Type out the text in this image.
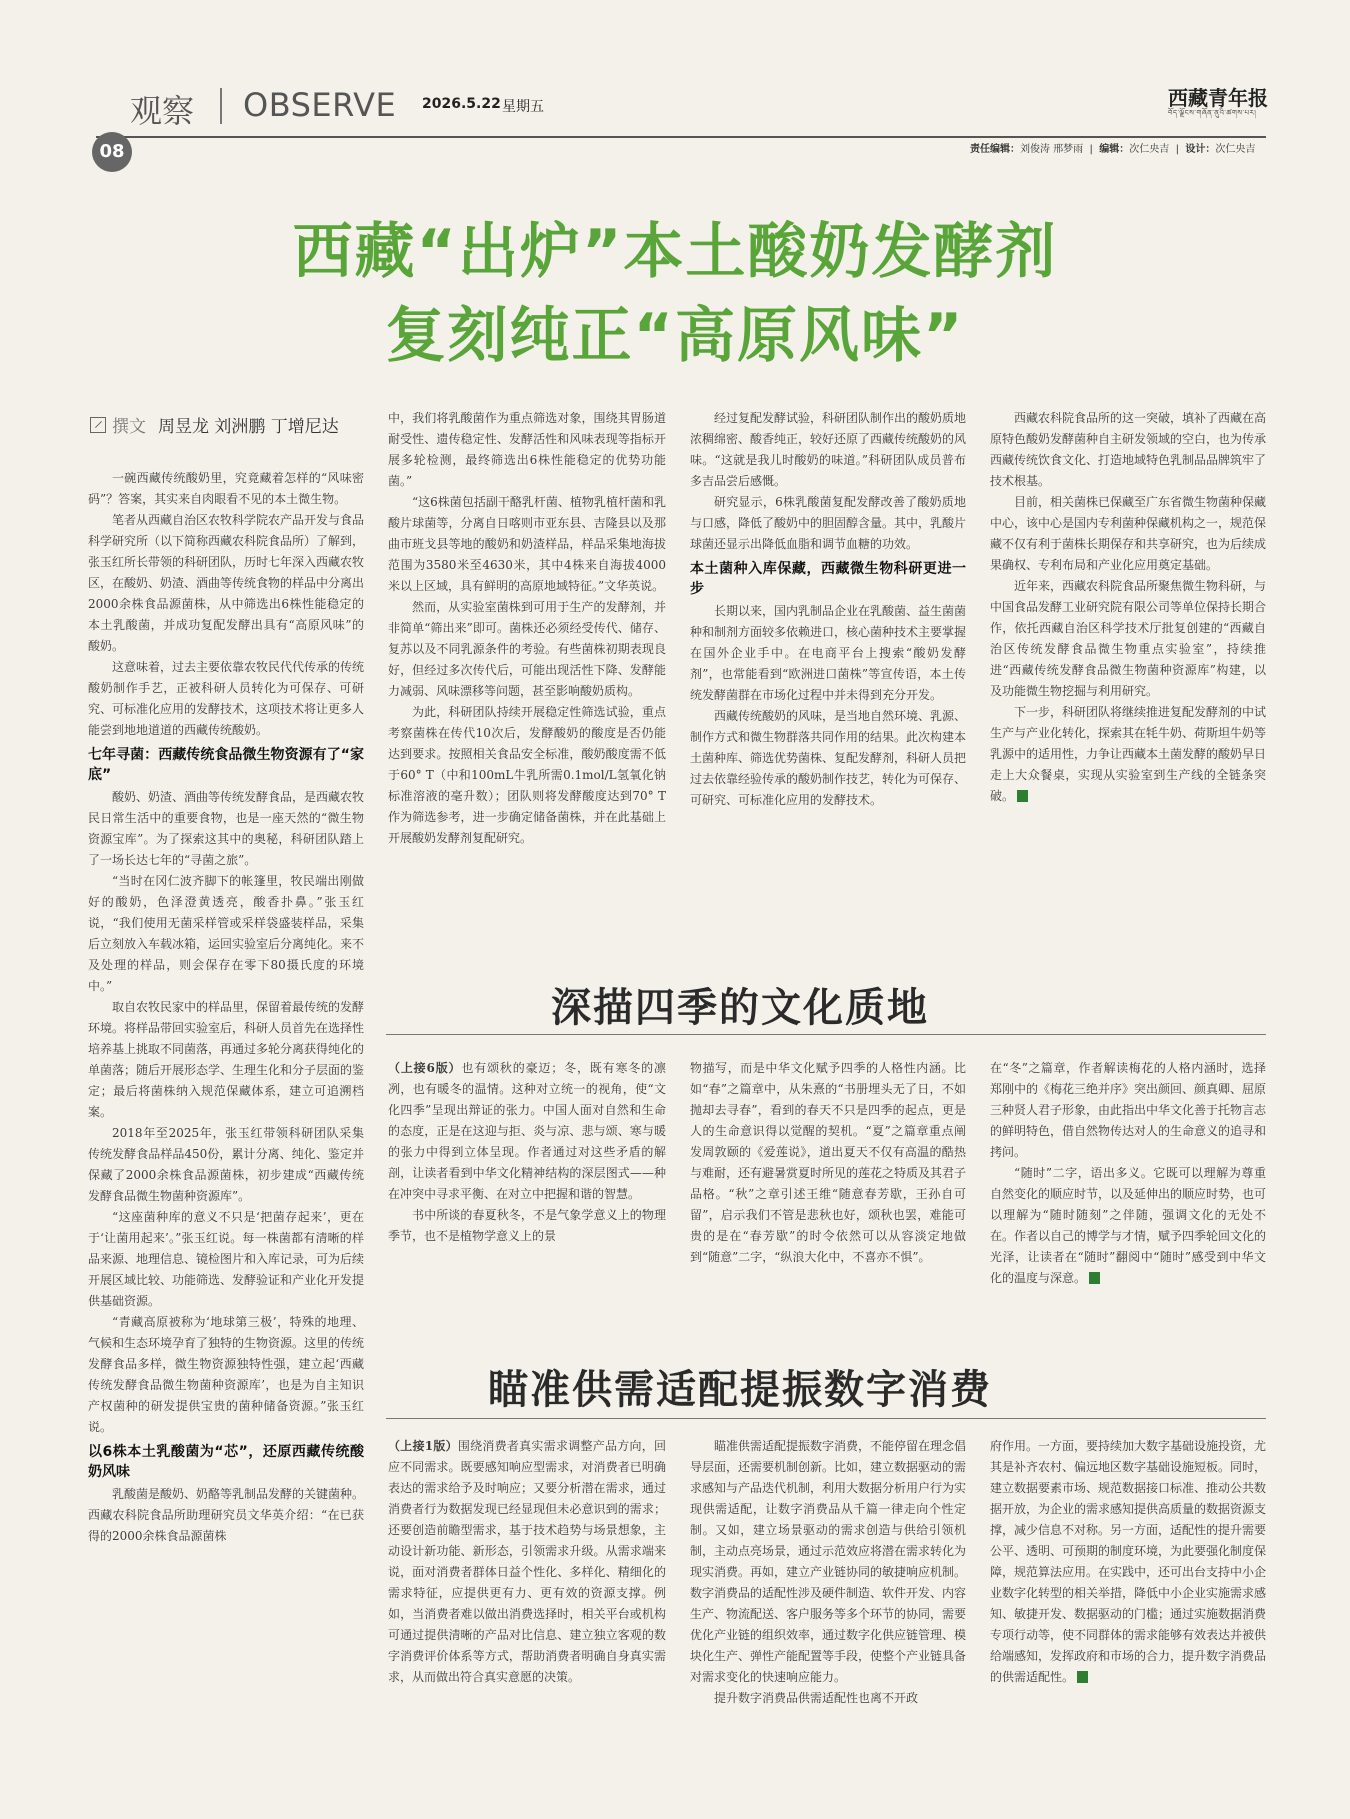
观察 OBSERVE 2026.5.22 星期五	西藏青年报
བོད་ལྗོངས་གཞོན་ནུའི་ཚགས་པར།
08	责任编辑：刘俊涛 邢梦雨  |  编辑：次仁央吉  |  设计：次仁央吉
西藏“出炉”本土酸奶发酵剂
复刻纯正“高原风味”
撰文 周昱龙 刘洲鹏 丁增尼达

一碗西藏传统酸奶里，究竟藏着怎样的“风味密码”？答案，其实来自肉眼看不见的本土微生物。

笔者从西藏自治区农牧科学院农产品开发与食品科学研究所（以下简称西藏农科院食品所）了解到，张玉红所长带领的科研团队，历时七年深入西藏农牧区，在酸奶、奶渣、酒曲等传统食物的样品中分离出2000余株食品源菌株，从中筛选出6株性能稳定的本土乳酸菌，并成功复配发酵出具有“高原风味”的酸奶。

这意味着，过去主要依靠农牧民代代传承的传统酸奶制作手艺，正被科研人员转化为可保存、可研究、可标准化应用的发酵技术，这项技术将让更多人能尝到地地道道的西藏传统酸奶。

七年寻菌：西藏传统食品微生物资源有了“家底”

酸奶、奶渣、酒曲等传统发酵食品，是西藏农牧民日常生活中的重要食物，也是一座天然的“微生物资源宝库”。为了探索这其中的奥秘，科研团队踏上了一场长达七年的“寻菌之旅”。

“当时在冈仁波齐脚下的帐篷里，牧民端出刚做好的酸奶，色泽澄黄透亮，酸香扑鼻。”张玉红说，“我们使用无菌采样管或采样袋盛装样品，采集后立刻放入车载冰箱，运回实验室后分离纯化。来不及处理的样品，则会保存在零下80摄氏度的环境中。”

取自农牧民家中的样品里，保留着最传统的发酵环境。将样品带回实验室后，科研人员首先在选择性培养基上挑取不同菌落，再通过多轮分离获得纯化的单菌落；随后开展形态学、生理生化和分子层面的鉴定；最后将菌株纳入规范保藏体系，建立可追溯档案。

2018年至2025年，张玉红带领科研团队采集传统发酵食品样品450份，累计分离、纯化、鉴定并保藏了2000余株食品源菌株，初步建成“西藏传统发酵食品微生物菌种资源库”。

“这座菌种库的意义不只是‘把菌存起来’，更在于‘让菌用起来’。”张玉红说。每一株菌都有清晰的样品来源、地理信息、镜检图片和入库记录，可为后续开展区域比较、功能筛选、发酵验证和产业化开发提供基础资源。

“青藏高原被称为‘地球第三极’，特殊的地理、气候和生态环境孕育了独特的生物资源。这里的传统发酵食品多样，微生物资源独特性强，建立起‘西藏传统发酵食品微生物菌种资源库’，也是为自主知识产权菌种的研发提供宝贵的菌种储备资源。”张玉红说。

以6株本土乳酸菌为“芯”，还原西藏传统酸奶风味

乳酸菌是酸奶、奶酪等乳制品发酵的关键菌种。西藏农科院食品所助理研究员文华英介绍：“在已获得的2000余株食品源菌株

中，我们将乳酸菌作为重点筛选对象，围绕其胃肠道耐受性、遗传稳定性、发酵活性和风味表现等指标开展多轮检测，最终筛选出6株性能稳定的优势功能菌。”

“这6株菌包括副干酪乳杆菌、植物乳植杆菌和乳酸片球菌等，分离自日喀则市亚东县、吉隆县以及那曲市班戈县等地的酸奶和奶渣样品，样品采集地海拔范围为3580米至4630米，其中4株来自海拔4000米以上区域，具有鲜明的高原地域特征。”文华英说。

然而，从实验室菌株到可用于生产的发酵剂，并非简单“筛出来”即可。菌株还必须经受传代、储存、复苏以及不同乳源条件的考验。有些菌株初期表现良好，但经过多次传代后，可能出现活性下降、发酵能力减弱、风味漂移等问题，甚至影响酸奶质构。

为此，科研团队持续开展稳定性筛选试验，重点考察菌株在传代10次后，发酵酸奶的酸度是否仍能达到要求。按照相关食品安全标准，酸奶酸度需不低于60° T（中和100mL牛乳所需0.1mol/L氢氧化钠标准溶液的毫升数）；团队则将发酵酸度达到70° T作为筛选参考，进一步确定储备菌株，并在此基础上开展酸奶发酵剂复配研究。

经过复配发酵试验，科研团队制作出的酸奶质地浓稠绵密、酸香纯正，较好还原了西藏传统酸奶的风味。“这就是我儿时酸奶的味道。”科研团队成员普布多吉品尝后感慨。

研究显示，6株乳酸菌复配发酵改善了酸奶质地与口感，降低了酸奶中的胆固醇含量。其中，乳酸片球菌还显示出降低血脂和调节血糖的功效。

本土菌种入库保藏，西藏微生物科研更进一步

长期以来，国内乳制品企业在乳酸菌、益生菌菌种和制剂方面较多依赖进口，核心菌种技术主要掌握在国外企业手中。在电商平台上搜索“酸奶发酵剂”，也常能看到“欧洲进口菌株”等宣传语，本土传统发酵菌群在市场化过程中并未得到充分开发。

西藏传统酸奶的风味，是当地自然环境、乳源、制作方式和微生物群落共同作用的结果。此次构建本土菌种库、筛选优势菌株、复配发酵剂，科研人员把过去依靠经验传承的酸奶制作技艺，转化为可保存、可研究、可标准化应用的发酵技术。

西藏农科院食品所的这一突破，填补了西藏在高原特色酸奶发酵菌种自主研发领域的空白，也为传承西藏传统饮食文化、打造地域特色乳制品品牌筑牢了技术根基。

目前，相关菌株已保藏至广东省微生物菌种保藏中心，该中心是国内专利菌种保藏机构之一，规范保藏不仅有利于菌株长期保存和共享研究，也为后续成果确权、专利布局和产业化应用奠定基础。

近年来，西藏农科院食品所聚焦微生物科研，与中国食品发酵工业研究院有限公司等单位保持长期合作，依托西藏自治区科学技术厅批复创建的“西藏自治区传统发酵食品微生物重点实验室”，持续推进“西藏传统发酵食品微生物菌种资源库”构建，以及功能微生物挖掘与利用研究。

下一步，科研团队将继续推进复配发酵剂的中试生产与产业化转化，探索其在牦牛奶、荷斯坦牛奶等乳源中的适用性，力争让西藏本土菌发酵的酸奶早日走上大众餐桌，实现从实验室到生产线的全链条突破。

深描四季的文化质地

（上接6版）也有颂秋的豪迈；冬，既有寒冬的凛冽，也有暖冬的温情。这种对立统一的视角，使“文化四季”呈现出辩证的张力。中国人面对自然和生命的态度，正是在这迎与拒、炎与凉、悲与颂、寒与暖的张力中得到立体呈现。作者通过对这些矛盾的解剖，让读者看到中华文化精神结构的深层图式——种在冲突中寻求平衡、在对立中把握和谐的智慧。

书中所谈的春夏秋冬，不是气象学意义上的物理季节，也不是植物学意义上的景

物描写，而是中华文化赋予四季的人格性内涵。比如“春”之篇章中，从朱熹的“书册埋头无了日，不如抛却去寻春”，看到的春天不只是四季的起点，更是人的生命意识得以觉醒的契机。“夏”之篇章重点阐发周敦颐的《爱莲说》，道出夏天不仅有高温的酷热与难耐，还有避暑赏夏时所见的莲花之特质及其君子品格。“秋”之章引述王维“随意春芳歇，王孙自可留”，启示我们不管是悲秋也好，颂秋也罢，难能可贵的是在“春芳歇”的时令依然可以从容淡定地做到“随意”二字，“纵浪大化中，不喜亦不惧”。

在“冬”之篇章，作者解读梅花的人格内涵时，选择郑刚中的《梅花三绝并序》突出颜回、颜真卿、屈原三种贤人君子形象，由此指出中华文化善于托物言志的鲜明特色，借自然物传达对人的生命意义的追寻和拷问。

“随时”二字，语出多义。它既可以理解为尊重自然变化的顺应时节，以及延伸出的顺应时势，也可以理解为“随时随刻”之伴随，强调文化的无处不在。作者以自己的博学与才情，赋予四季轮回文化的光泽，让读者在“随时”翻阅中“随时”感受到中华文化的温度与深意。

瞄准供需适配提振数字消费

（上接1版）围绕消费者真实需求调整产品方向，回应不同需求。既要感知响应型需求，对消费者已明确表达的需求给予及时响应；又要分析潜在需求，通过消费者行为数据发现已经显现但未必意识到的需求；还要创造前瞻型需求，基于技术趋势与场景想象，主动设计新功能、新形态，引领需求升级。从需求端来说，面对消费者群体日益个性化、多样化、精细化的需求特征，应提供更有力、更有效的资源支撑。例如，当消费者难以做出消费选择时，相关平台或机构可通过提供清晰的产品对比信息、建立独立客观的数字消费评价体系等方式，帮助消费者明确自身真实需求，从而做出符合真实意愿的决策。

瞄准供需适配提振数字消费，不能停留在理念倡导层面，还需要机制创新。比如，建立数据驱动的需求感知与产品迭代机制，利用大数据分析用户行为实现供需适配，让数字消费品从千篇一律走向个性定制。又如，建立场景驱动的需求创造与供给引领机制，主动点亮场景，通过示范效应将潜在需求转化为现实消费。再如，建立产业链协同的敏捷响应机制。数字消费品的适配性涉及硬件制造、软件开发、内容生产、物流配送、客户服务等多个环节的协同，需要优化产业链的组织效率，通过数字化供应链管理、模块化生产、弹性产能配置等手段，使整个产业链具备对需求变化的快速响应能力。

提升数字消费品供需适配性也离不开政

府作用。一方面，要持续加大数字基础设施投资，尤其是补齐农村、偏远地区数字基础设施短板。同时，建立数据要素市场、规范数据接口标准、推动公共数据开放，为企业的需求感知提供高质量的数据资源支撑，减少信息不对称。另一方面，适配性的提升需要公平、透明、可预期的制度环境，为此要强化制度保障，规范算法应用。在实践中，还可出台支持中小企业数字化转型的相关举措，降低中小企业实施需求感知、敏捷开发、数据驱动的门槛；通过实施数据消费专项行动等，使不同群体的需求能够有效表达并被供给端感知，发挥政府和市场的合力，提升数字消费品的供需适配性。
